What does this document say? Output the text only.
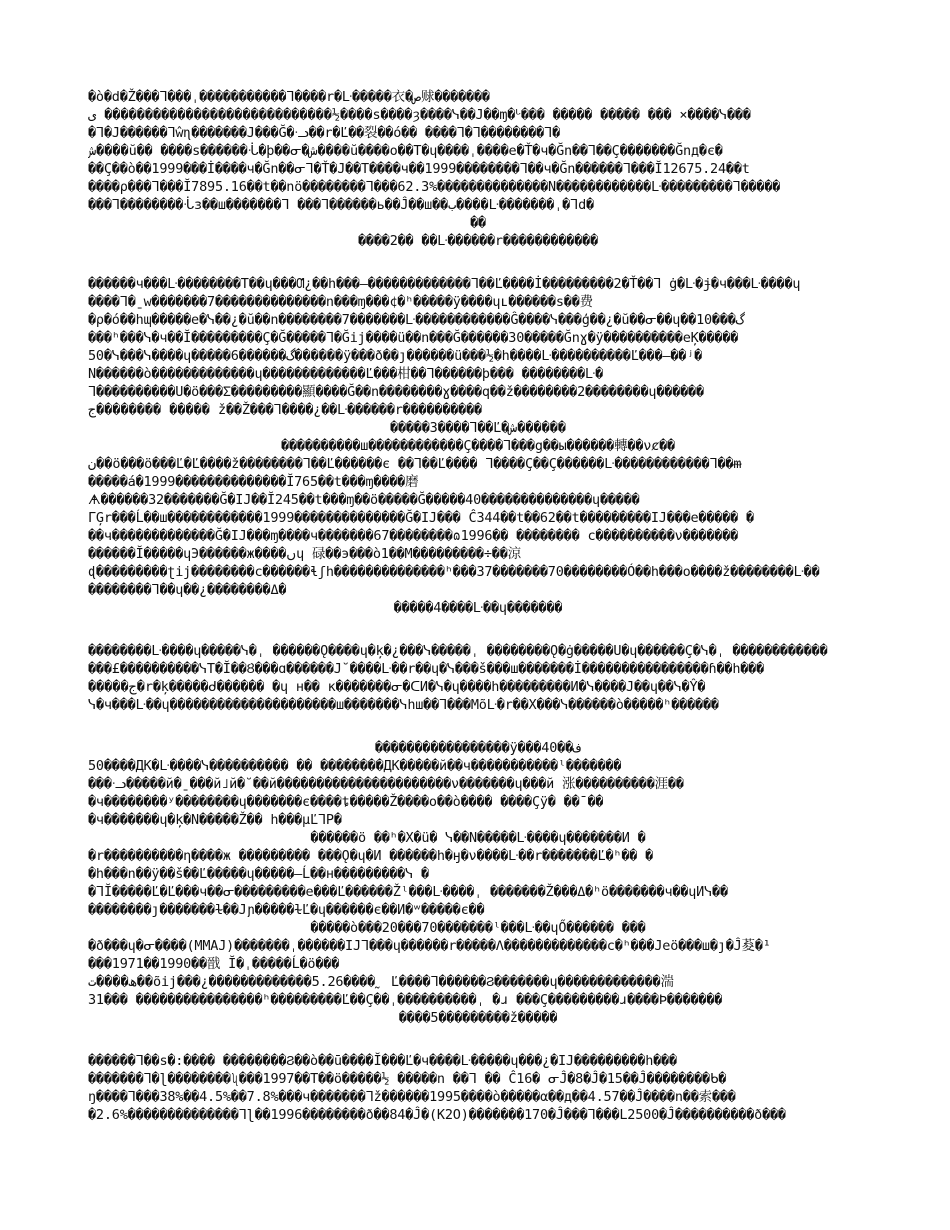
�ò�d�Ž���ᒣ���ˌ�����������ᒣ����r�ᒷ�����衣�ص赇�������
ی ����������������������������½����s����ȝ����ᓭ��J��ɱ�ᒡ��� ����� ����� ��� ×����ᓭ���
�ᒣ�J������ᒣŵɳ�������J���Ğ�ᓢ��r�Ľ��裂��ó�� ����ᒣ�ᒣ��������ᒣ�
ش����ŭ�� ����s������ᒞ�þ��ᓂ�ش����ŭ����o��T�ɥ����ˌ����e�Ť�ч�Ğn��ᒣ��Ç�������Ğnд�є�
��Ç��ò��1999���İ����ч�Ğn��ᓂᒣ�Ť�J��T����ч��1999��������ᒣ��ч�Ğn������ᒣ���Ĭ12675.24��t
����ρ���ᒣ���Ĭ7895.16��t��nö��������ᒣ���62.3%��������������N������������ᒷ���������ᒣ�����
���ᒣ��������ᒞз��ш�������ᒣ ���ᒣ������ь��Ĵ��ш��ب����ᒷ�������ˌ�ᒣd�
��
����2�� ��ᒷ������r������������
������ч���ᒷ��������T��ɥ���Ƣ¿��h���—�������������ᒣ��Ľ����İ���������2�Ť��ᒣ ġ�ᒷ�ɉ�ч���ᒷ����ɥ
����ᒣ�ˍw�������7��������������n���ɱ���¢�ʰ�����ÿ����ɥʟ������s��费
�ρ�ó��hɰ�����e�ᓭ��¿�ŭ��n��������7�������ᒷ������������Ĝ����ᓭ���ģ��¿�ŭ��ᓂ��ɥ��10���گ
���ʰ���ᓭ�ч��Ĭ���������Ç�Ğ�����ᒣ�Ğij����ü��n���Ğ������30�����Ğnɣ�ÿ����������eĶ�����
50�ᓭ���ᓭ����ɥ�����6������گ������ÿ���ð��ȷ������ü���½�h����ᒷ����������Ľ���—��ʲ�
N������ò�������������ɥ�������������Ľ���柑��ᒣ������þ��� ��������ᒷ�
ᒣ����������U�ö���Σ���������顯����Ğ��n��������ɣ����q��ž��������2��������ɥ������
ج�������� ����� ž��Ž���ᒣ����¿��ᒷ������r����������
�����3����ᒣ��Ľ�ش������
����������ш������������Ç����ᒣ���g��ы������轉��νȼ��
ن��ö���ö���Ľ�Ľ����ž��������ᒣ��Ľ������є ��ᒣ��Ľ���� ᒣ����Ç��Ç������ᒷ������������ᒣ��ᵯ
�����á�1999��������������Ĭ765��t���ɱ����磨
ᗗ������32�������Ğ�IJ��Ĭ245��t���ɱ��ö�����Ğ�����40��������������ɥ�����
ГĢr���Ĺ��ш������������1999��������������Ğ�IJ��� Ĉ344��t��62��t���������IJ���e����� �
��ч�������������Ğ�IJ���ɱ����ч�������67��������ɷ1996�� �������� c����������ν�������
������Ĭ�����ɥЭ������ж����ںɥ 碌��э���ò1��M���������÷��涼
ɖ���������ʈij��������c������ɬʃh��������������ʰ���37�������70��������Ó��h���o����ž��������ᒷ��
��������ᒣ��ɥ��¿��������Δ�
�����4����ᒷ��ɥ�������
��������ᒷ����ɥ�����ᓭ�ˌ ������Ǫ����ɥ�ķ�¿���ᓭ�����ˌ ��������Ǫ�ġ�����U�ɥ������Ç�ᓭ�ˌ ������������
���£����������ᓭT�Ĭ��Ȣ���ɑ������J˘����ᒷ��r��ɥ�ᓭ���š���ш�������İ����������������ɦ��h���
�����ج�r�ķ�����ᑯ������ �ɥ н�� к�������ᓂ�ᑕИ�ᓭ�ɥ����h���������И�ᓭ����J��ɥ��ᓭ�Ŷ�
ᓭ�ч���ᒷ��ɥ���������������������ш�������ᓭhш��ᒣ���Mõᒷ�r��Х���ᓭ������ò�����ʰ������
�����������������ÿ���40��ف
50����ДК�ᒷ����ᓭ���������� �� ��������ДК�����й��ч�����������ˡ�������
���ᓢ�����й�ˍ���й˩й�˘��й����������������������ν�������ɥ���й 涨����������涯��
�ч��������ʸ��������ɥ�������є����ȶ�����Ž����o��ò���� ����Çÿ� ��ˉ��
�ч�������ɥ�ķ�N�����Ž�� h���μĽᒣP�
������ö ��ʰ�Х�ü� ᓭ��N�����ᒷ����ɥ�������И �
�r����������η����ж ��������� ���Ǫ�ɥ�И ������h�ӈ�ν����ᒷ��r�������Ľ�ʰ�� �
�h���n��ÿ��š��Ľ�����ɥ�����–Ĺ��н���������ᓭ �
�ᒣĬ�����Ľ�Ľ���ч��ᓂ���������e���Ľ������Žˡ���ᒷ����ˌ �������Ž���Δ�ʰö�������ч��ɥИᓭ��
��������ȷ�������ɫ��Jɲ�����ɫĽ�ɥ������є��И�ʷ�����є��
�����ò���20���70�������ˡ���ᒷ��ɥŐ������ ���
�ð���ɥ�ᓂ����(MMAJ)�������ˌ������IJᒣ���ɥ������r�����Λ�������������c�ʰ���Jeö���ш�ȷ�Ĵ荾�¹
���1971��1990��戩 Ĭ�ˌ�����Ĺ�ö���
ھ����ت��õij���¿�������������5.26����˷ Ľ����ᒣ������Ϩ�������ɥ�������������湍
31��� ����������������ʰ���������Ľ��Ç��ˌ����������ˌ �ɹ ���Ç���������ɹ����Ϸ�������
����5���������ž�����
������ᒣ��s�:���� ��������Ϩ��ò��ū����Ĭ���Ľ�ч����ᒷ�����ɥ���¿�IJ���������h���
�������ᒣ�ɭ��������ʯ���1997��T��ö�����½ �����n ��ᒣ �� Ĉ16� ᓂĴ�8�Ĵ�15��Ĵ��������ᑲ�
ŋ����ᒣ���38%��4.5%��7.8%���ч�������ᒣž������1995����ò�����α��д��4.57��Ĵ����n��索���
�2.6%��������������ᒣɭ��1996��������ð��84�Ĵ�(K2O)�������170�Ĵ���ᒣ���L2500�Ĵ����������ð���
